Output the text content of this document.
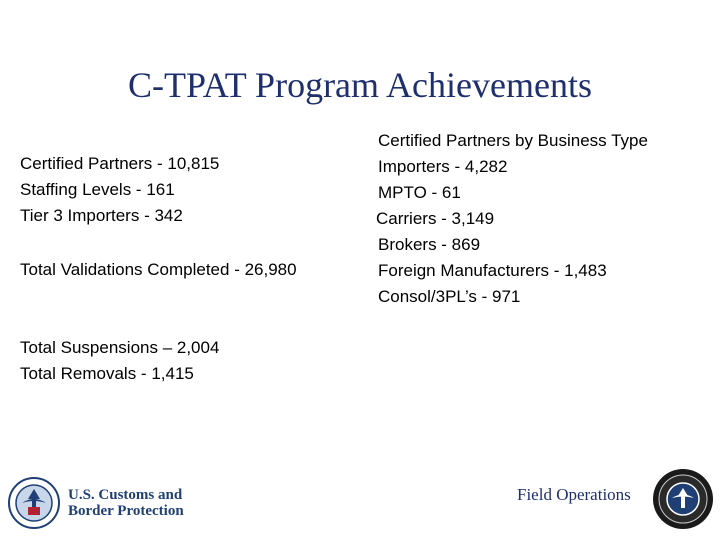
C-TPAT Program Achievements
Certified Partners - 10,815
Staffing Levels - 161
Tier 3 Importers - 342
Total Validations Completed - 26,980
Total Suspensions – 2,004
Total Removals - 1,415
Certified Partners by Business Type
Importers - 4,282
MPTO - 61
Carriers - 3,149
Brokers - 869
Foreign Manufacturers - 1,483
Consol/3PL’s - 971
U.S. Customs and
Border Protection
Field Operations
